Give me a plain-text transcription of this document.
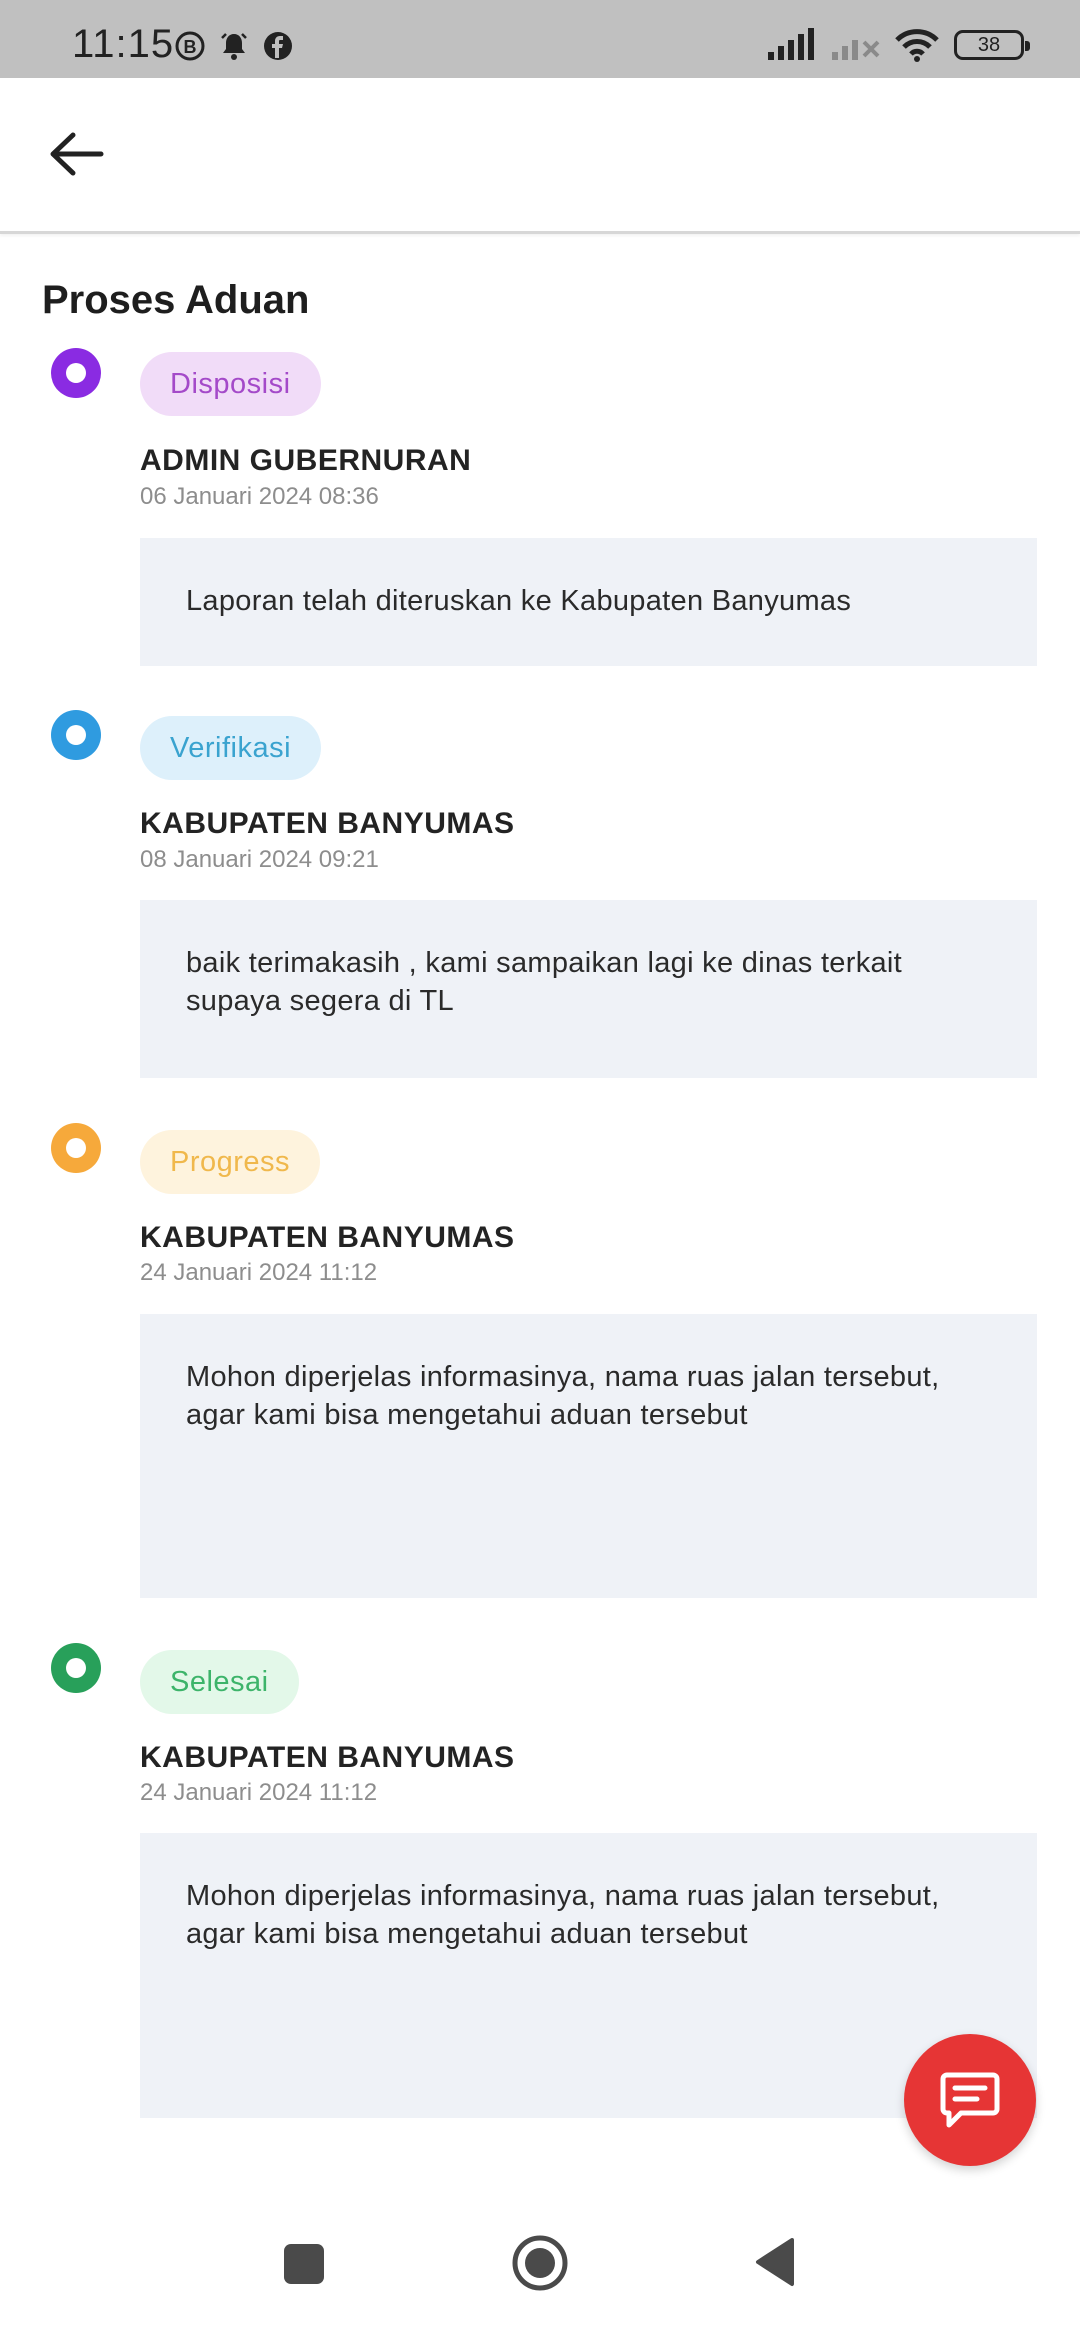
11:15 B	38
Proses Aduan
Disposisi
ADMIN GUBERNURAN
06 Januari 2024 08:36
Laporan telah diteruskan ke Kabupaten Banyumas
Verifikasi
KABUPATEN BANYUMAS
08 Januari 2024 09:21
baik terimakasih , kami sampaikan lagi ke dinas terkait supaya segera di TL
Progress
KABUPATEN BANYUMAS
24 Januari 2024 11:12
Mohon diperjelas informasinya, nama ruas jalan tersebut, agar kami bisa mengetahui aduan tersebut
Selesai
KABUPATEN BANYUMAS
24 Januari 2024 11:12
Mohon diperjelas informasinya, nama ruas jalan tersebut, agar kami bisa mengetahui aduan tersebut
